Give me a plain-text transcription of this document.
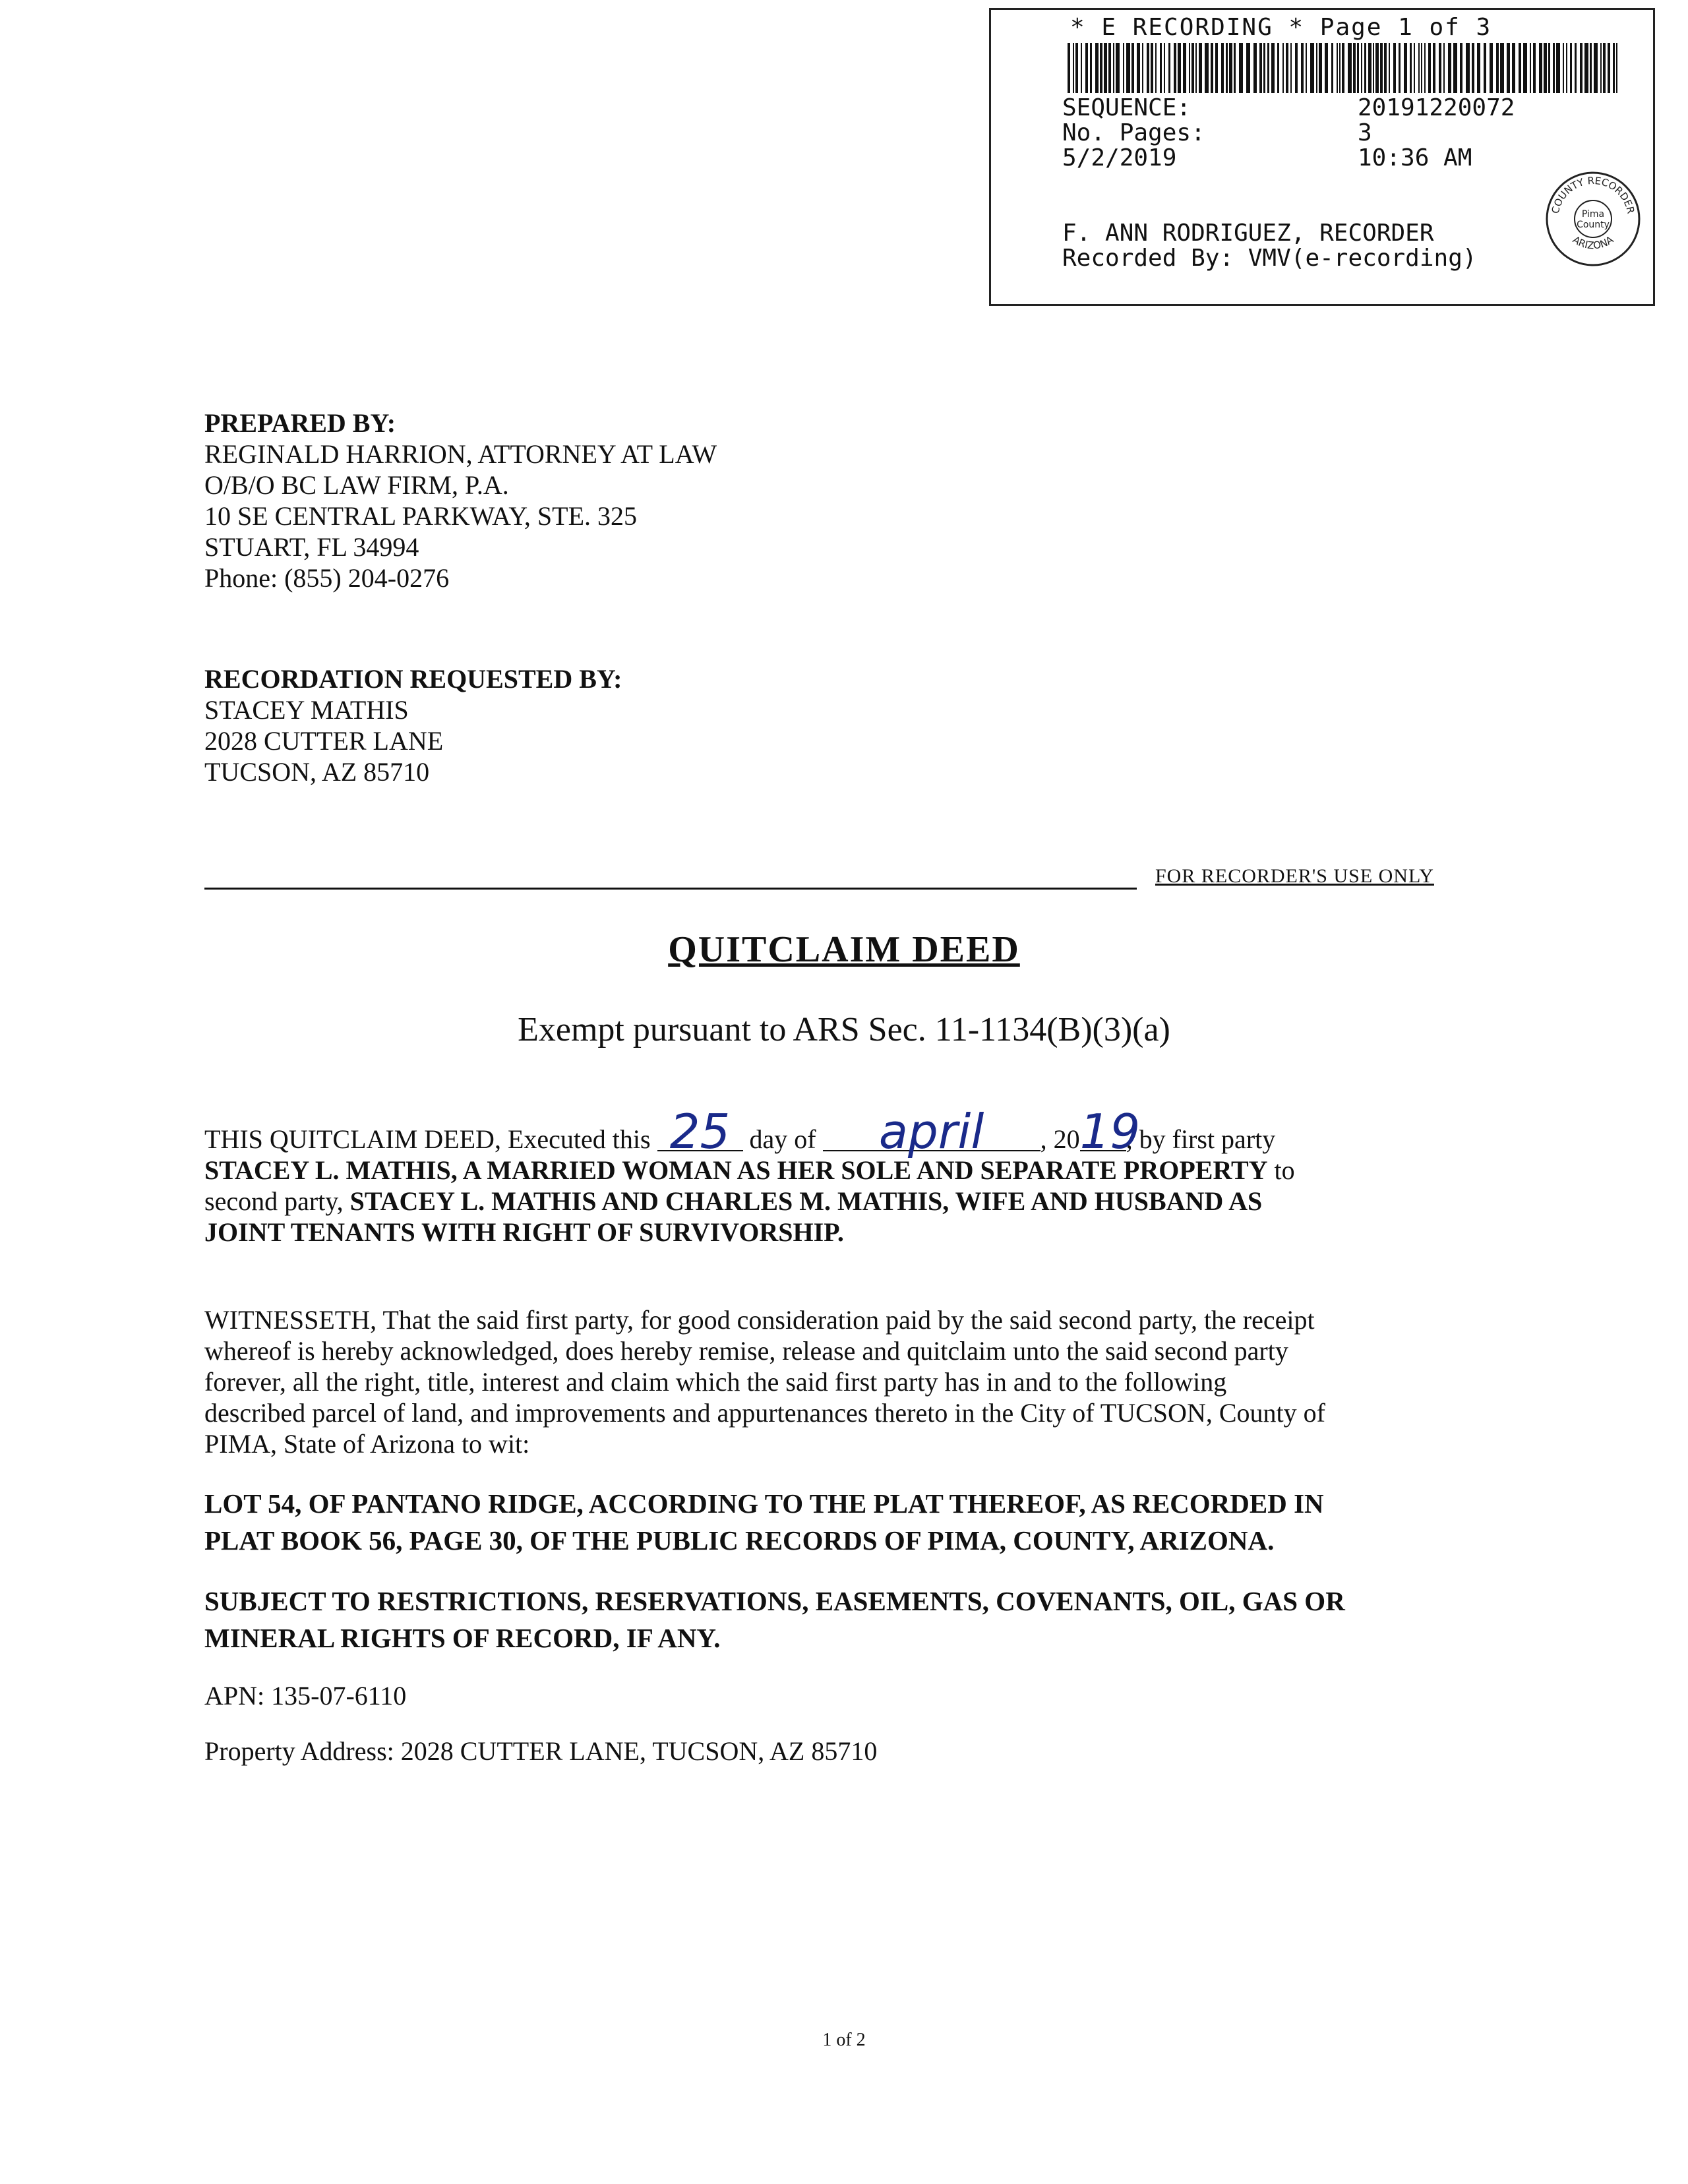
* E RECORDING * Page 1 of 3
SEQUENCE:	20191220072
No. Pages:	3
5/2/2019	10:36 AM
F. ANN RODRIGUEZ, RECORDER
Recorded By: VMV(e-recording)
COUNTY RECORDER
ARIZONA
Pima
County
PREPARED BY:
REGINALD HARRION, ATTORNEY AT LAW
O/B/O BC LAW FIRM, P.A.
10 SE CENTRAL PARKWAY, STE. 325
STUART, FL 34994
Phone: (855) 204-0276
RECORDATION REQUESTED BY:
STACEY MATHIS
2028 CUTTER LANE
TUCSON, AZ 85710
FOR RECORDER'S USE ONLY
QUITCLAIM DEED
Exempt pursuant to ARS Sec. 11-1134(B)(3)(a)
THIS QUITCLAIM DEED, Executed this 25 day of april , 2019, by first party
STACEY L. MATHIS, A MARRIED WOMAN AS HER SOLE AND SEPARATE PROPERTY to
second party, STACEY L. MATHIS AND CHARLES M. MATHIS, WIFE AND HUSBAND AS
JOINT TENANTS WITH RIGHT OF SURVIVORSHIP.
WITNESSETH, That the said first party, for good consideration paid by the said second party, the receipt
whereof is hereby acknowledged, does hereby remise, release and quitclaim unto the said second party
forever, all the right, title, interest and claim which the said first party has in and to the following
described parcel of land, and improvements and appurtenances thereto in the City of TUCSON, County of
PIMA, State of Arizona to wit:
LOT 54, OF PANTANO RIDGE, ACCORDING TO THE PLAT THEREOF, AS RECORDED IN
PLAT BOOK 56, PAGE 30, OF THE PUBLIC RECORDS OF PIMA, COUNTY, ARIZONA.
SUBJECT TO RESTRICTIONS, RESERVATIONS, EASEMENTS, COVENANTS, OIL, GAS OR
MINERAL RIGHTS OF RECORD, IF ANY.
APN: 135-07-6110
Property Address: 2028 CUTTER LANE, TUCSON, AZ 85710
1 of 2
